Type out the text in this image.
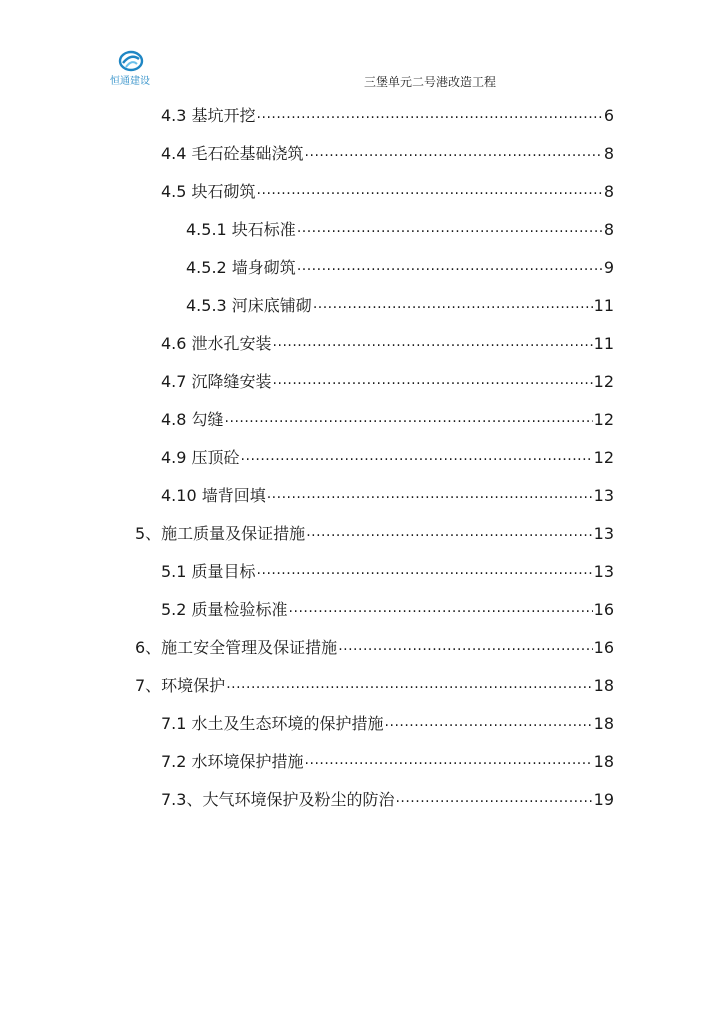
恒通建设	三堡单元二号港改造工程
4.3 基坑开挖 .....	6
4.4 毛石砼基础浇筑 .....	8
4.5 块石砌筑 .....	8
4.5.1 块石标准 .....	8
4.5.2 墙身砌筑 .....	9
4.5.3 河床底铺砌 .....	11
4.6 泄水孔安装 .....	11
4.7 沉降缝安装 .....	12
4.8 勾缝 .....	12
4.9 压顶砼 .....	12
4.10 墙背回填 .....	13
5、施工质量及保证措施 .....	13
5.1 质量目标 .....	13
5.2 质量检验标准 .....	16
6、施工安全管理及保证措施 .....	16
7、环境保护 .....	18
7.1 水土及生态环境的保护措施 .....	18
7.2 水环境保护措施 .....	18
7.3、大气环境保护及粉尘的防治 .....	19
